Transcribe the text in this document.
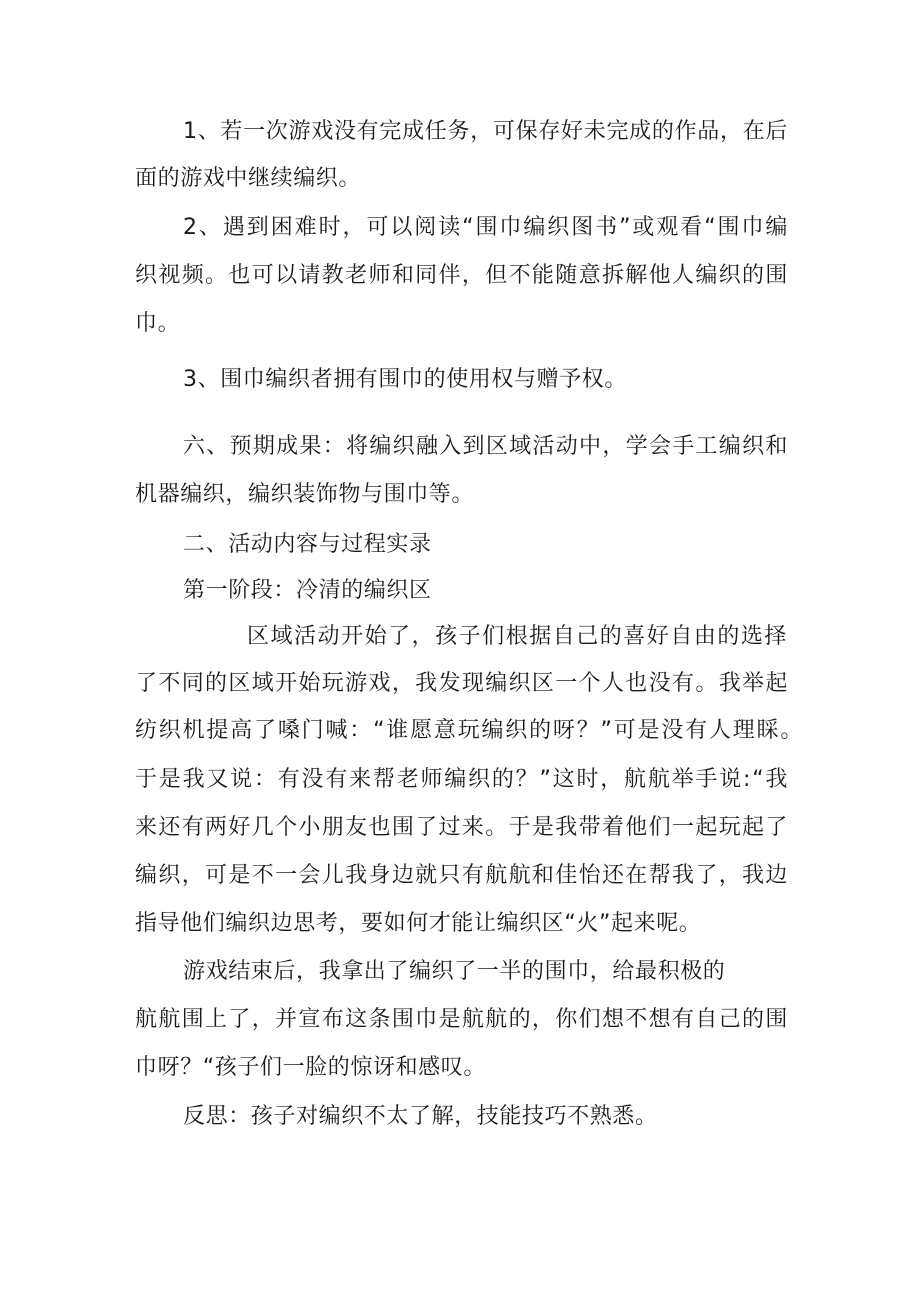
1、若一次游戏没有完成任务，可保存好未完成的作品，在后
面的游戏中继续编织。
2、遇到困难时，可以阅读“围巾编织图书”或观看“围巾编
织视频。也可以请教老师和同伴，但不能随意拆解他人编织的围
巾。
3、围巾编织者拥有围巾的使用权与赠予权。
六、预期成果：将编织融入到区域活动中，学会手工编织和
机器编织，编织装饰物与围巾等。
二、活动内容与过程实录
第一阶段：冷清的编织区
区域活动开始了，孩子们根据自己的喜好自由的选择
了不同的区域开始玩游戏，我发现编织区一个人也没有。我举起
纺织机提高了嗓门喊：“谁愿意玩编织的呀？”可是没有人理睬。
于是我又说：有没有来帮老师编织的？”这时，航航举手说:“我
来还有两好几个小朋友也围了过来。于是我带着他们一起玩起了
编织，可是不一会儿我身边就只有航航和佳怡还在帮我了，我边
指导他们编织边思考，要如何才能让编织区“火”起来呢。
游戏结束后，我拿出了编织了一半的围巾，给最积极的
航航围上了，并宣布这条围巾是航航的，你们想不想有自己的围
巾呀？“孩子们一脸的惊讶和感叹。
反思：孩子对编织不太了解，技能技巧不熟悉。
